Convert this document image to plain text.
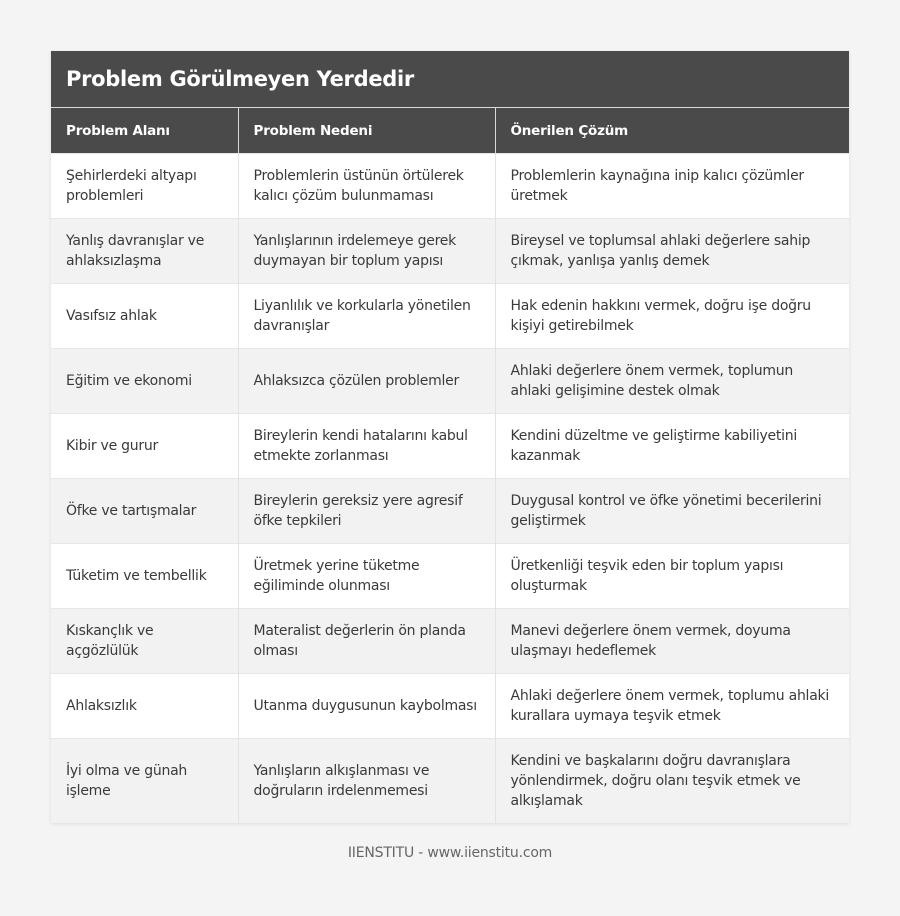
Problem Görülmeyen Yerdedir
Problem Alanı	Problem Nedeni	Önerilen Çözüm
Şehirlerdeki altyapı problemleri	Problemlerin üstünün örtülerek kalıcı çözüm bulunmaması	Problemlerin kaynağına inip kalıcı çözümler üretmek
Yanlış davranışlar ve ahlaksızlaşma	Yanlışlarının irdelemeye gerek duymayan bir toplum yapısı	Bireysel ve toplumsal ahlaki değerlere sahip çıkmak, yanlışa yanlış demek
Vasıfsız ahlak	Liyanlılık ve korkularla yönetilen davranışlar	Hak edenin hakkını vermek, doğru işe doğru kişiyi getirebilmek
Eğitim ve ekonomi	Ahlaksızca çözülen problemler	Ahlaki değerlere önem vermek, toplumun ahlaki gelişimine destek olmak
Kibir ve gurur	Bireylerin kendi hatalarını kabul etmekte zorlanması	Kendini düzeltme ve geliştirme kabiliyetini kazanmak
Öfke ve tartışmalar	Bireylerin gereksiz yere agresif öfke tepkileri	Duygusal kontrol ve öfke yönetimi becerilerini geliştirmek
Tüketim ve tembellik	Üretmek yerine tüketme eğiliminde olunması	Üretkenliği teşvik eden bir toplum yapısı oluşturmak
Kıskançlık ve açgözlülük	Materalist değerlerin ön planda olması	Manevi değerlere önem vermek, doyuma ulaşmayı hedeflemek
Ahlaksızlık	Utanma duygusunun kaybolması	Ahlaki değerlere önem vermek, toplumu ahlaki kurallara uymaya teşvik etmek
İyi olma ve günah işleme	Yanlışların alkışlanması ve doğruların irdelenmemesi	Kendini ve başkalarını doğru davranışlara yönlendirmek, doğru olanı teşvik etmek ve alkışlamak
IIENSTITU - www.iienstitu.com
